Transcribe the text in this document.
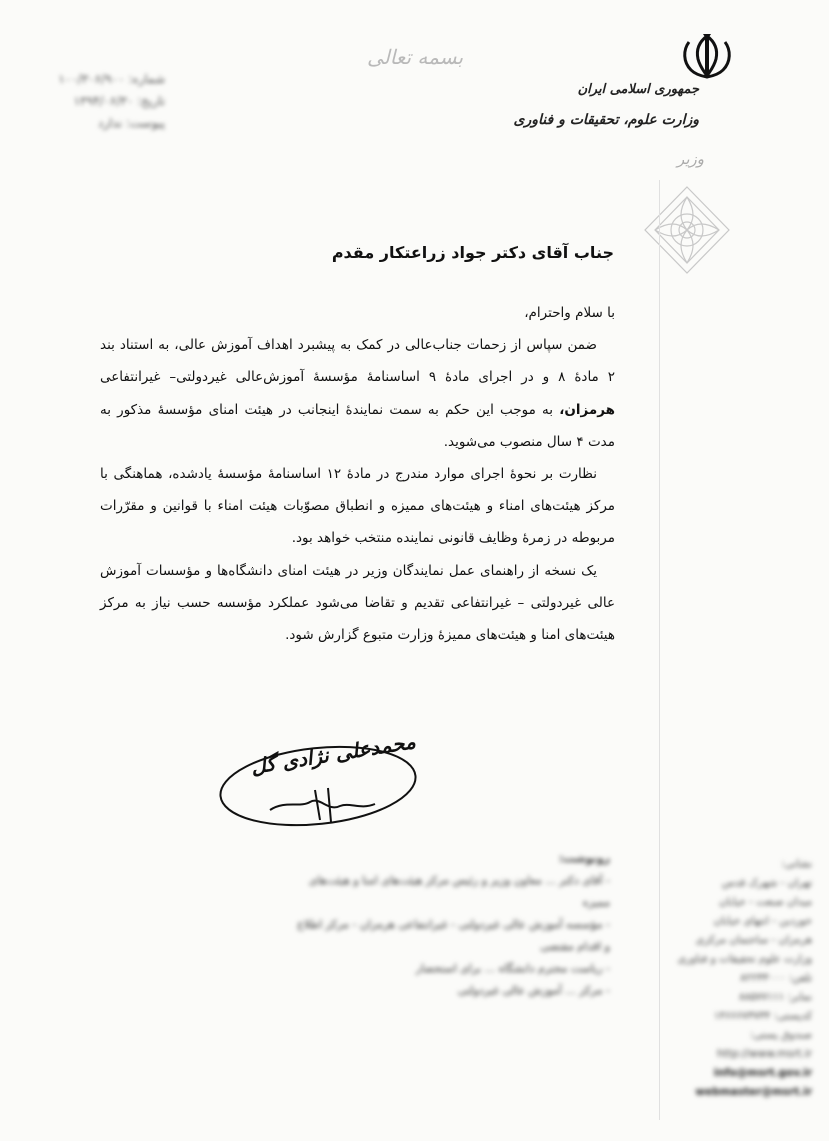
بسمه تعالی
شماره: ۱۰۰/۳۰۶/۹۰۰
تاریخ: ۱۳۹۴/۰۶/۳۰
پیوست: ندارد
جمهوری اسلامی ایران
وزارت علوم، تحقیقات و فناوری
وزیر
جناب آقای دکتر جواد زراعتکار مقدم

با سلام واحترام،

ضمن سپاس از زحمات جناب‌عالی در کمک به پیشبرد اهداف آموزش عالی، به استناد بند ۲ مادهٔ ۸ و در اجرای مادهٔ ۹ اساسنامهٔ مؤسسهٔ آموزش‌عالی غیردولتی– غیرانتفاعی هرمزان، به موجب این حکم به سمت نمایندهٔ اینجانب در هیئت امنای مؤسسهٔ مذکور به مدت ۴ سال منصوب می‌شوید.

نظارت بر نحوهٔ اجرای موارد مندرج در مادهٔ ۱۲ اساسنامهٔ مؤسسهٔ یادشده، هماهنگی با مرکز هیئت‌های امناء و هیئت‌های ممیزه و انطباق مصوّبات هیئت امناء با قوانین و مقرّرات مربوطه در زمرهٔ وظایف قانونی نماینده منتخب خواهد بود.

یک نسخه از راهنمای عمل نمایندگان وزیر در هیئت امنای دانشگاه‌ها و مؤسسات آموزش عالی غیردولتی – غیرانتفاعی تقدیم و تقاضا می‌شود عملکرد مؤسسه حسب نیاز به مرکز هیئت‌های امنا و هیئت‌های ممیزهٔ وزارت متبوع گزارش شود.

محمدعلی نژادی گل
رونوشت:
- آقای دکتر ... معاون وزیر و رئیس مرکز هیئت‌های امنا و هیئت‌های ممیزه
- مؤسسه آموزش عالی غیردولتی - غیرانتفاعی هرمزان - مرکز اطلاع و اقدام مقتضی
- ریاست محترم دانشگاه ... برای استحضار
- مرکز ... آموزش عالی غیردولتی
نشانی:
تهران - شهرک قدس
میدان صنعت - خیابان
خوردین - انتهای خیابان
هرمزان - ساختمان مرکزی
وزارت علوم تحقیقات و فناوری
تلفن: ۸۲۲۳۳۰۰۰
نمابر: ۸۸۵۷۷۱۱۱
کدپستی: ۱۴۶۶۶۷۳۷۳۴
صندوق پستی:
http://www.msrt.ir
info@msrt.gov.ir
webmaster@msrt.ir
